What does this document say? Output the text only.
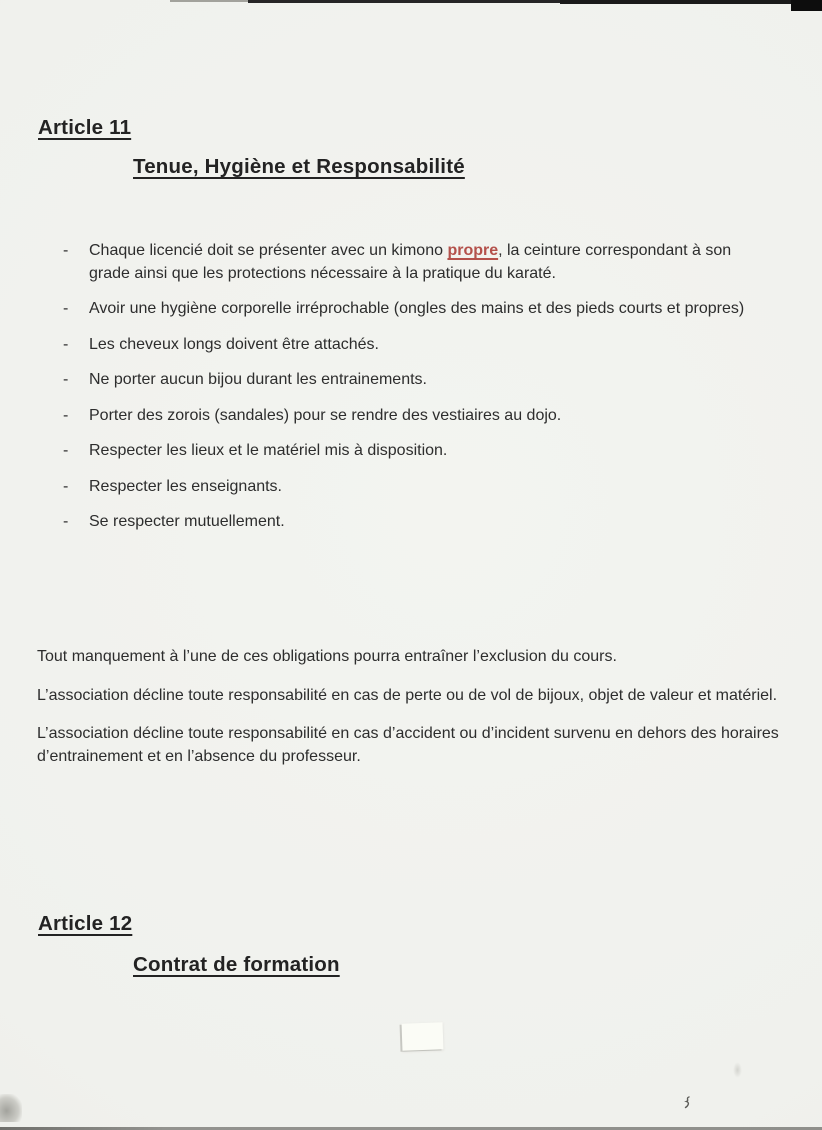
Article 11
Tenue, Hygiène et Responsabilité
- Chaque licencié doit se présenter avec un kimono propre, la ceinture correspondant à son grade ainsi que les protections nécessaire à la pratique du karaté.
- Avoir une hygiène corporelle irréprochable (ongles des mains et des pieds courts et propres)
- Les cheveux longs doivent être attachés.
- Ne porter aucun bijou durant les entrainements.
- Porter des zorois (sandales) pour se rendre des vestiaires au dojo.
- Respecter les lieux et le matériel mis à disposition.
- Respecter les enseignants.
- Se respecter mutuellement.

Tout manquement à l’une de ces obligations pourra entraîner l’exclusion du cours.

L’association décline toute responsabilité en cas de perte ou de vol de bijoux, objet de valeur et matériel.

L’association décline toute responsabilité en cas d’accident ou d’incident survenu en dehors des horaires d’entrainement et en l’absence du professeur.

Article 12
Contrat de formation
